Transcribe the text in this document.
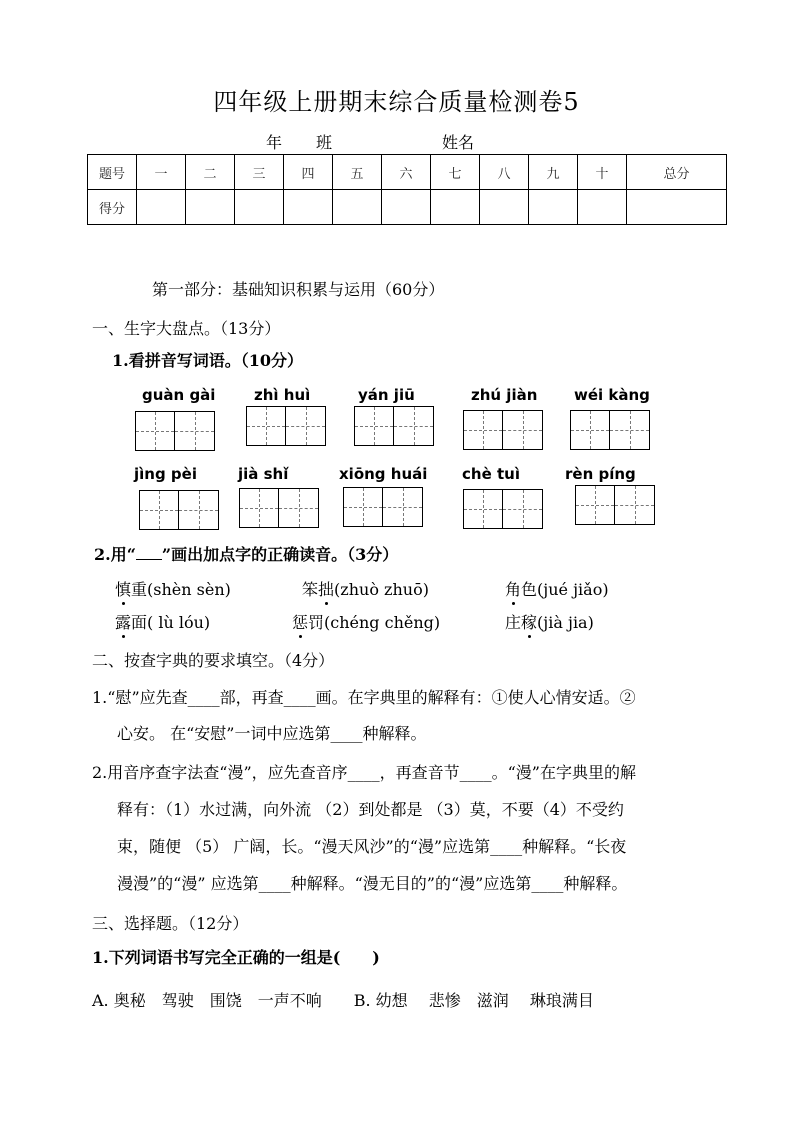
四年级上册期末综合质量检测卷5
年 班	姓名
题号	一	二	三	四	五	六	七	八	九	十	总分
得分											
第一部分：基础知识积累与运用（60分）
一、生字大盘点。（13分）
1.看拼音写词语。（10分）
guàn gài	zhì huì	yán jiū	zhú jiàn wéi kàng
jìng pèi	jià shǐ	xiōng huái chè tuì	rèn píng
2.用“ ”画出加点字的正确读音。（3分）
慎重(shèn sèn)	笨拙(zhuò zhuō)	角色(jué jiǎo)
露面( lù lóu)	惩罚(chéng chěng)	庄稼(jià jia)
二、按查字典的要求填空。（4分）
1.“慰”应先查____部，再查____画。在字典里的解释有：①使人心情安适。②
心安。 在“安慰”一词中应选第____种解释。
2.用音序查字法查“漫”，应先查音序____，再查音节____。“漫”在字典里的解
释有：（1）水过满，向外流 （2）到处都是 （3）莫，不要（4）不受约
束，随便 （5） 广阔，长。“漫天风沙”的“漫”应选第____种解释。“长夜
漫漫”的“漫” 应选第____种解释。“漫无目的”的“漫”应选第____种解释。
三、选择题。（12分）
1.下列词语书写完全正确的一组是(　　)
A. 奥秘　驾驶　围饶　一声不响　　B. 幼想　 悲惨　滋润　 琳琅满目
